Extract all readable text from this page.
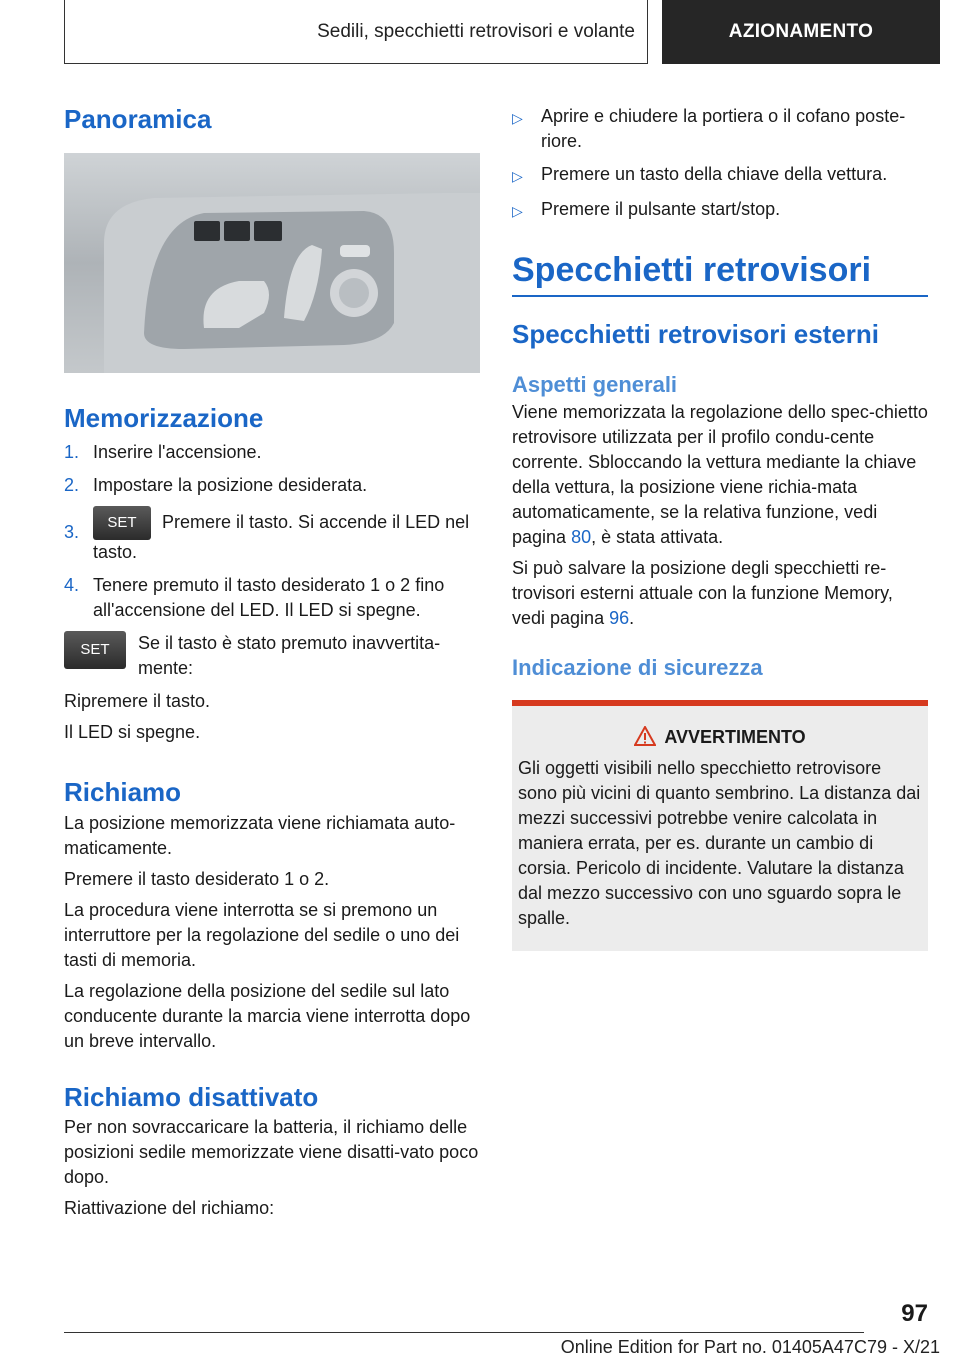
Sedili, specchietti retrovisori e volante	AZIONAMENTO
Panoramica
Memorizzazione
1. Inserire l'accensione.
2. Impostare la posizione desiderata.
3.	SET Premere il tasto. Si accende il LED nel tasto.
4. Tenere premuto il tasto desiderato 1 o 2 fino all'accensione del LED. Il LED si spegne.
SET	Se il tasto è stato premuto inavvertita-mente:

Ripremere il tasto.

Il LED si spegne.

Richiamo

La posizione memorizzata viene richiamata auto-maticamente.

Premere il tasto desiderato 1 o 2.

La procedura viene interrotta se si premono un interruttore per la regolazione del sedile o uno dei tasti di memoria.

La regolazione della posizione del sedile sul lato conducente durante la marcia viene interrotta dopo un breve intervallo.

Richiamo disattivato

Per non sovraccaricare la batteria, il richiamo delle posizioni sedile memorizzate viene disatti-vato poco dopo.

Riattivazione del richiamo:

▷	Aprire e chiudere la portiera o il cofano poste-riore.
▷	Premere un tasto della chiave della vettura.
▷	Premere il pulsante start/stop.
Specchietti retrovisori
Specchietti retrovisori esterni
Aspetti generali

Viene memorizzata la regolazione dello spec-chietto retrovisore utilizzata per il profilo condu-cente corrente. Sbloccando la vettura mediante la chiave della vettura, la posizione viene richia-mata automaticamente, se la relativa funzione, vedi pagina 80, è stata attivata.

Si può salvare la posizione degli specchietti re-trovisori esterni attuale con la funzione Memory, vedi pagina 96.

Indicazione di sicurezza
AVVERTIMENTO

Gli oggetti visibili nello specchietto retrovisore sono più vicini di quanto sembrino. La distanza dai mezzi successivi potrebbe venire calcolata in maniera errata, per es. durante un cambio di corsia. Pericolo di incidente. Valutare la distanza dal mezzo successivo con uno sguardo sopra le spalle.

97
Online Edition for Part no. 01405A47C79 - X/21
